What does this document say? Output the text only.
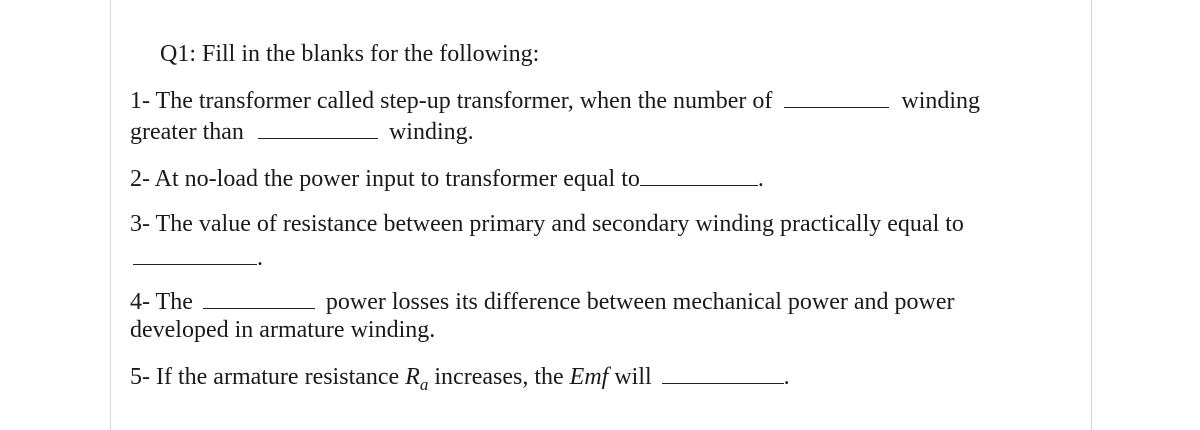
Q1: Fill in the blanks for the following:
1- The transformer called step-up transformer, when the number of	winding
greater than	winding.
2- At no-load the power input to transformer equal to	.
3- The value of resistance between primary and secondary winding practically equal to
.
4- The	power losses its difference between mechanical power and power
developed in armature winding.
5- If the armature resistance $R_a$ increases, the Emf will	.
